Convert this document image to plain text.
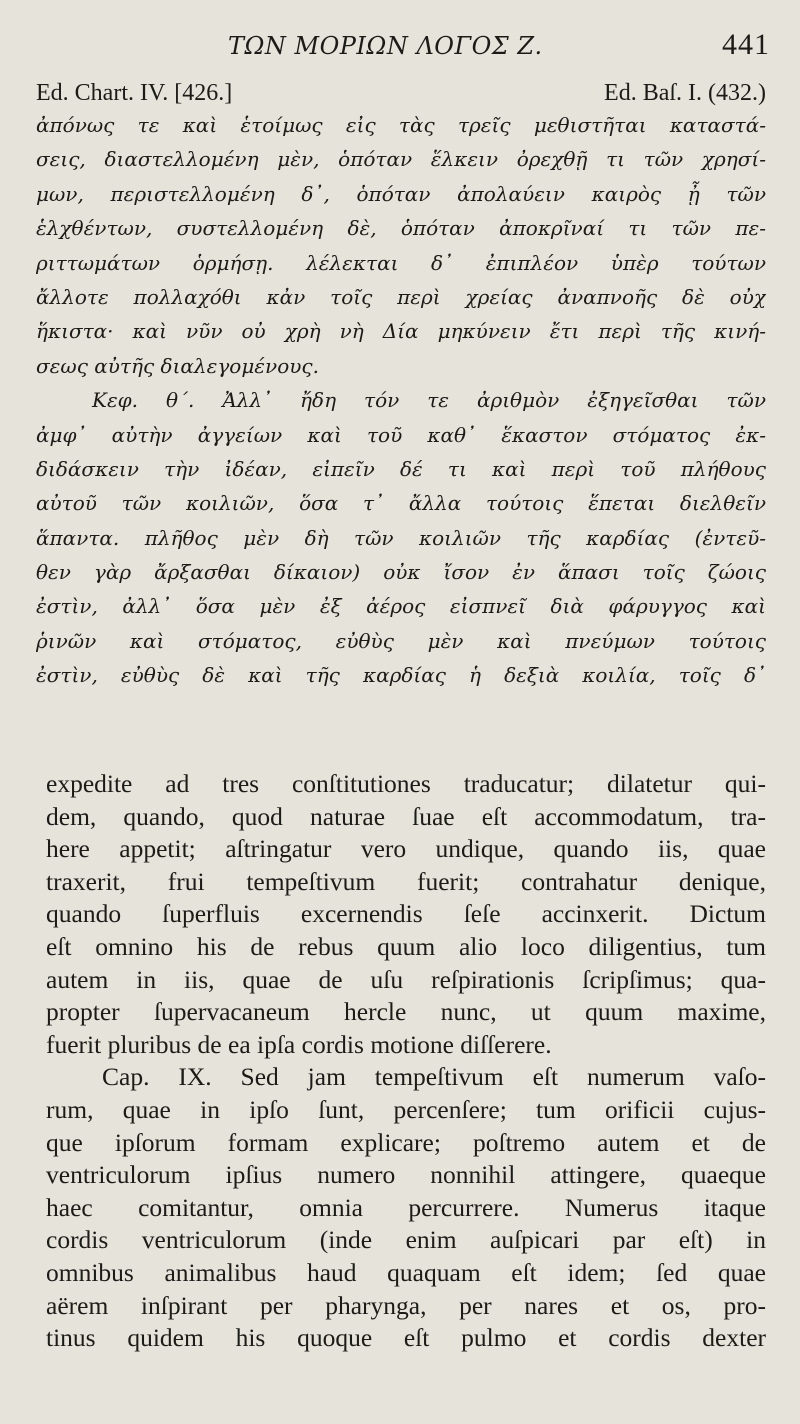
ΤΩΝ ΜΟΡΙΩΝ ΛΟΓΟΣ Ζ.	441
Ed. Chart. IV. [426.]	Ed. Baſ. I. (432.)
ἀπόνως τε καὶ ἑτοίμως εἰς τὰς τρεῖς μεθιστῆται καταστά-
σεις, διαστελλομένη μὲν, ὁπόταν ἕλκειν ὀρεχθῇ τι τῶν χρησί-
μων, περιστελλομένη δ᾽, ὁπόταν ἀπολαύειν καιρὸς ᾖ τῶν
ἑλχθέντων, συστελλομένη δὲ, ὁπόταν ἀποκρῖναί τι τῶν πε-
ριττωμάτων ὁρμήσῃ. λέλεκται δ᾽ ἐπιπλέον ὑπὲρ τούτων
ἄλλοτε πολλαχόθι κἀν τοῖς περὶ χρείας ἀναπνοῆς δὲ οὐχ
ἥκιστα· καὶ νῦν οὐ χρὴ νὴ Δία μηκύνειν ἔτι περὶ τῆς κινή-
σεως αὐτῆς διαλεγομένους.
Κεφ. θ΄. Ἀλλ᾽ ἤδη τόν τε ἀριθμὸν ἐξηγεῖσθαι τῶν
ἀμφ᾽ αὐτὴν ἀγγείων καὶ τοῦ καθ᾽ ἕκαστον στόματος ἐκ-
διδάσκειν τὴν ἰδέαν, εἰπεῖν δέ τι καὶ περὶ τοῦ πλήθους
αὐτοῦ τῶν κοιλιῶν, ὅσα τ᾽ ἄλλα τούτοις ἕπεται διελθεῖν
ἅπαντα. πλῆθος μὲν δὴ τῶν κοιλιῶν τῆς καρδίας (ἐντεῦ-
θεν γὰρ ἄρξασθαι δίκαιον) οὐκ ἴσον ἐν ἅπασι τοῖς ζώοις
ἐστὶν, ἀλλ᾽ ὅσα μὲν ἐξ ἀέρος εἰσπνεῖ διὰ φάρυγγος καὶ
ῥινῶν καὶ στόματος, εὐθὺς μὲν καὶ πνεύμων τούτοις
ἐστὶν, εὐθὺς δὲ καὶ τῆς καρδίας ἡ δεξιὰ κοιλία, τοῖς δ᾽
expedite ad tres conſtitutiones traducatur; dilatetur qui-
dem, quando, quod naturae ſuae eſt accommodatum, tra-
here appetit; aſtringatur vero undique, quando iis, quae
traxerit, frui tempeſtivum fuerit; contrahatur denique,
quando ſuperfluis excernendis ſeſe accinxerit. Dictum
eſt omnino his de rebus quum alio loco diligentius, tum
autem in iis, quae de uſu reſpirationis ſcripſimus; qua-
propter ſupervacaneum hercle nunc, ut quum maxime,
fuerit pluribus de ea ipſa cordis motione diſſerere.
Cap. IX. Sed jam tempeſtivum eſt numerum vaſo-
rum, quae in ipſo ſunt, percenſere; tum orificii cujus-
que ipſorum formam explicare; poſtremo autem et de
ventriculorum ipſius numero nonnihil attingere, quaeque
haec comitantur, omnia percurrere. Numerus itaque
cordis ventriculorum (inde enim auſpicari par eſt) in
omnibus animalibus haud quaquam eſt idem; ſed quae
aërem inſpirant per pharynga, per nares et os, pro-
tinus quidem his quoque eſt pulmo et cordis dexter
